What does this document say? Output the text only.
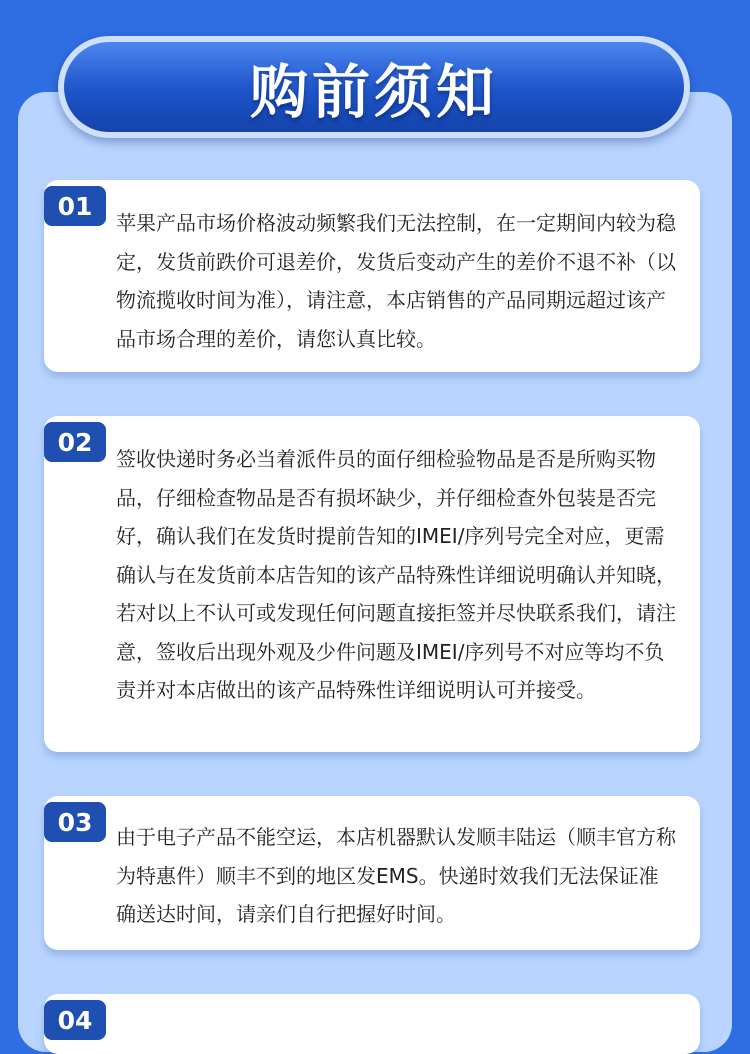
购前须知
01

苹果产品市场价格波动频繁我们无法控制，在一定期间内较为稳定，发货前跌价可退差价，发货后变动产生的差价不退不补（以物流揽收时间为准），请注意，本店销售的产品同期远超过该产品市场合理的差价，请您认真比较。

02

签收快递时务必当着派件员的面仔细检验物品是否是所购买物品，仔细检查物品是否有损坏缺少，并仔细检查外包装是否完好，确认我们在发货时提前告知的IMEI/序列号完全对应，更需确认与在发货前本店告知的该产品特殊性详细说明确认并知晓，若对以上不认可或发现任何问题直接拒签并尽快联系我们，请注意，签收后出现外观及少件问题及IMEI/序列号不对应等均不负责并对本店做出的该产品特殊性详细说明认可并接受。

03

由于电子产品不能空运，本店机器默认发顺丰陆运（顺丰官方称为特惠件）顺丰不到的地区发EMS。快递时效我们无法保证准确送达时间，请亲们自行把握好时间。

04
